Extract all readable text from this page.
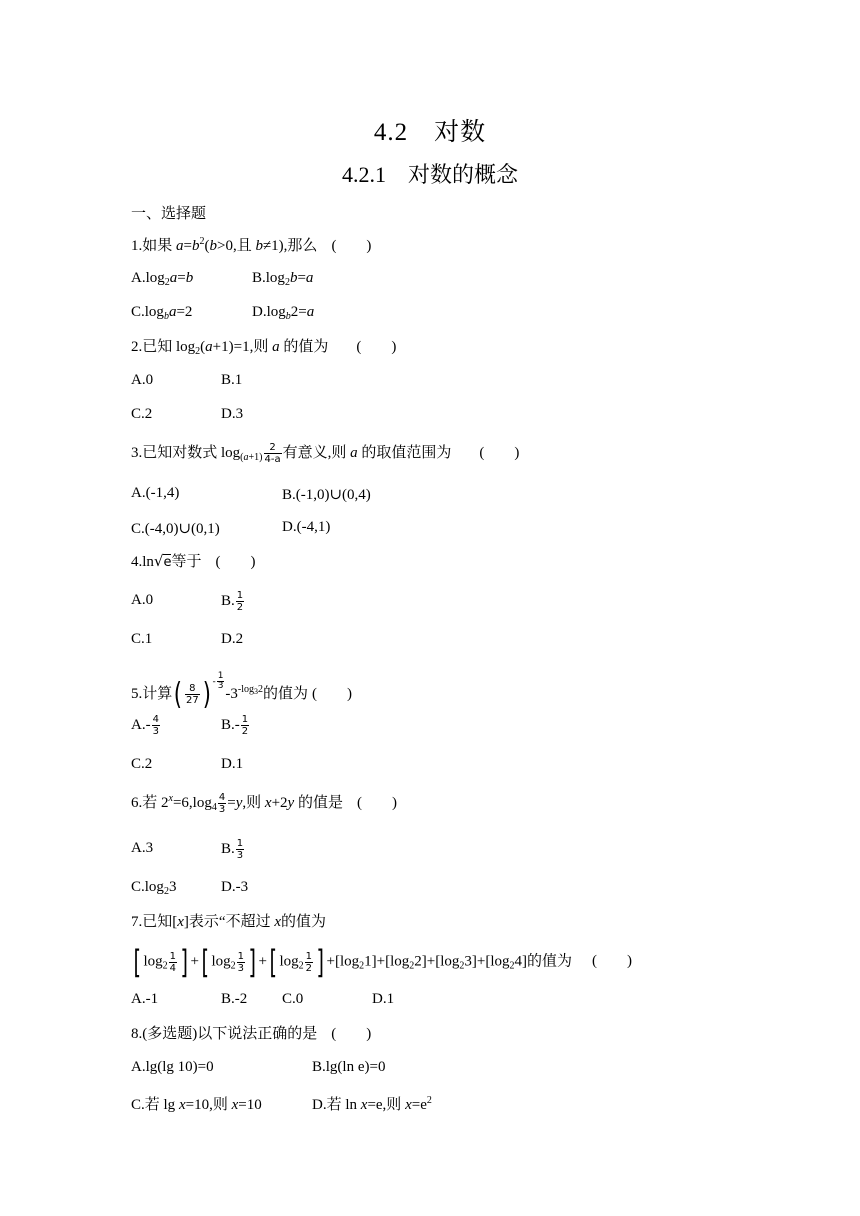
4.2　对数
4.2.1　对数的概念
一、选择题
1.如果 $a=b^2(b>0$,且 b≠1),那么 (　　)
$A.\log_2a=b$	$B.\log_2b=a$
$C.\log_ba=2$	$D.\log_b2=a$
2.已知 $\log_2(a+1)=1$,则 a 的值为 (　　)
A.0	B.1
C.2	D.3
3.已知对数式 $\log_{(a+1)} \frac{2}{4-a}$ 有意义,则 a 的取值范围为 (　　)
A.(-1,4)	B.(-1,0)∪(0,4)
C.(-4,0)∪(0,1)	D.(-4,1)
4.ln√e等于 (　　)
A.0	B. $\frac{1}{2}$
C.1	D.2
5.计算( $\frac{8}{27}$ ) - $\frac{1}{3}$
$-3^{-log_32}$的值为 (　　)
$A.- \frac{4}{3}$	$B.- \frac{1}{2}$
C.2	D.1
6.若 $2^x=6,\log_4 \frac{4}{3} =y$,则 x+2y 的值是 (　　)
A.3	B. $\frac{1}{3}$
$C.\log_23$	D.-3
7.已知[x]表示“不超过 x的值为
[ $\log_2 \frac{1}{4}$ ] +[ $\log_2 \frac{1}{3}$ ] +[ $\log_2 \frac{1}{2}$ ] $+[\log_21]+[\log_22]+[\log_23]+[\log_24]$的值为 (　　)
A.-1	B.-2 C.0	D.1
8.(多选题)以下说法正确的是 (　　)
A.lg(lg 10)=0	B.lg(ln e)=0
C.若 lg x=10,则 x=10	D.若 ln x=e,则 $x=e^2$
